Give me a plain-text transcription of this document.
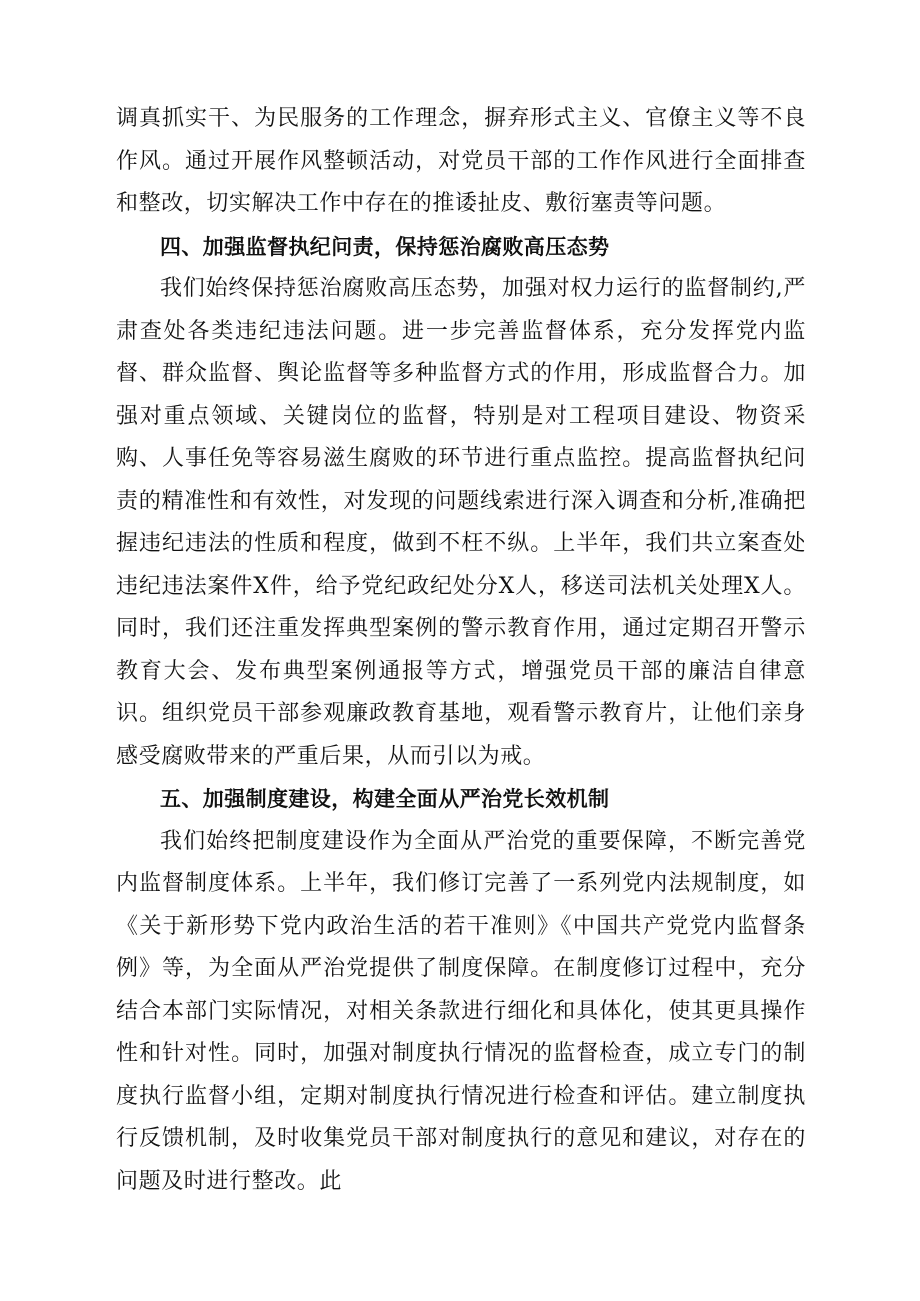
调真抓实干、为民服务的工作理念，摒弃形式主义、官僚主义等不良作风。通过开展作风整顿活动，对党员干部的工作作风进行全面排查和整改，切实解决工作中存在的推诿扯皮、敷衍塞责等问题。

四、加强监督执纪问责，保持惩治腐败高压态势

我们始终保持惩治腐败高压态势，加强对权力运行的监督制约,严肃查处各类违纪违法问题。进一步完善监督体系，充分发挥党内监督、群众监督、舆论监督等多种监督方式的作用，形成监督合力。加强对重点领域、关键岗位的监督，特别是对工程项目建设、物资采购、人事任免等容易滋生腐败的环节进行重点监控。提高监督执纪问责的精准性和有效性，对发现的问题线索进行深入调查和分析,准确把握违纪违法的性质和程度，做到不枉不纵。上半年，我们共立案查处违纪违法案件X件，给予党纪政纪处分X人，移送司法机关处理X人。同时，我们还注重发挥典型案例的警示教育作用，通过定期召开警示教育大会、发布典型案例通报等方式，增强党员干部的廉洁自律意识。组织党员干部参观廉政教育基地，观看警示教育片，让他们亲身感受腐败带来的严重后果，从而引以为戒。

五、加强制度建设，构建全面从严治党长效机制

我们始终把制度建设作为全面从严治党的重要保障，不断完善党内监督制度体系。上半年，我们修订完善了一系列党内法规制度，如《关于新形势下党内政治生活的若干准则》《中国共产党党内监督条例》等，为全面从严治党提供了制度保障。在制度修订过程中，充分结合本部门实际情况，对相关条款进行细化和具体化，使其更具操作性和针对性。同时，加强对制度执行情况的监督检查，成立专门的制度执行监督小组，定期对制度执行情况进行检查和评估。建立制度执行反馈机制，及时收集党员干部对制度执行的意见和建议，对存在的问题及时进行整改。此
